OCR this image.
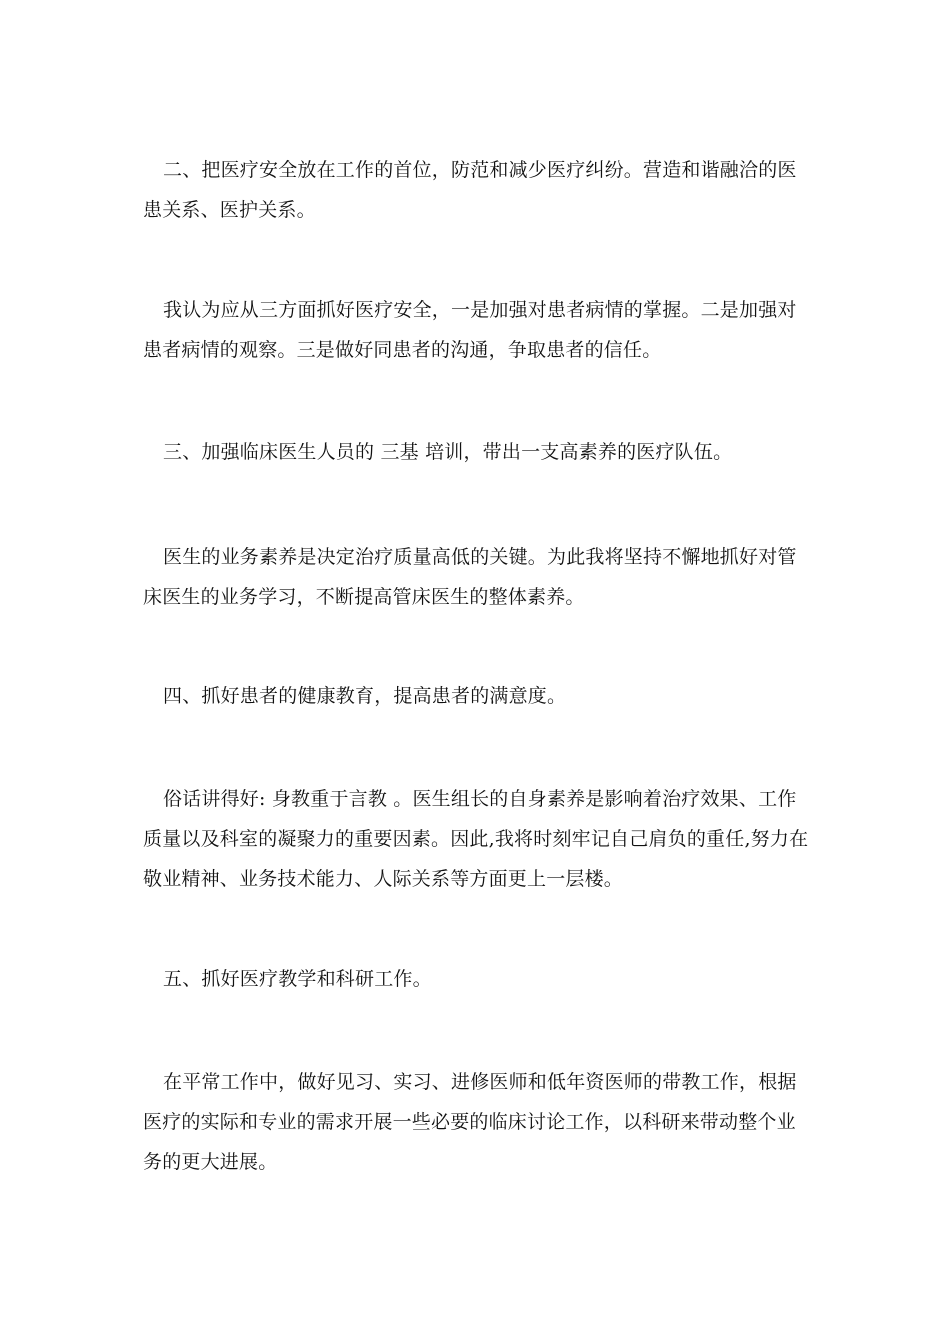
二、把医疗安全放在工作的首位，防范和减少医疗纠纷。营造和谐融洽的医患关系、医护关系。

我认为应从三方面抓好医疗安全，一是加强对患者病情的掌握。二是加强对患者病情的观察。三是做好同患者的沟通，争取患者的信任。

三、加强临床医生人员的 三基 培训，带出一支高素养的医疗队伍。

医生的业务素养是决定治疗质量高低的关键。为此我将坚持不懈地抓好对管床医生的业务学习，不断提高管床医生的整体素养。

四、抓好患者的健康教育，提高患者的满意度。

俗话讲得好: 身教重于言教 。医生组长的自身素养是影响着治疗效果、工作质量以及科室的凝聚力的重要因素。因此,我将时刻牢记自己肩负的重任,努力在敬业精神、业务技术能力、人际关系等方面更上一层楼。

五、抓好医疗教学和科研工作。

在平常工作中，做好见习、实习、进修医师和低年资医师的带教工作，根据医疗的实际和专业的需求开展一些必要的临床讨论工作，以科研来带动整个业务的更大进展。
